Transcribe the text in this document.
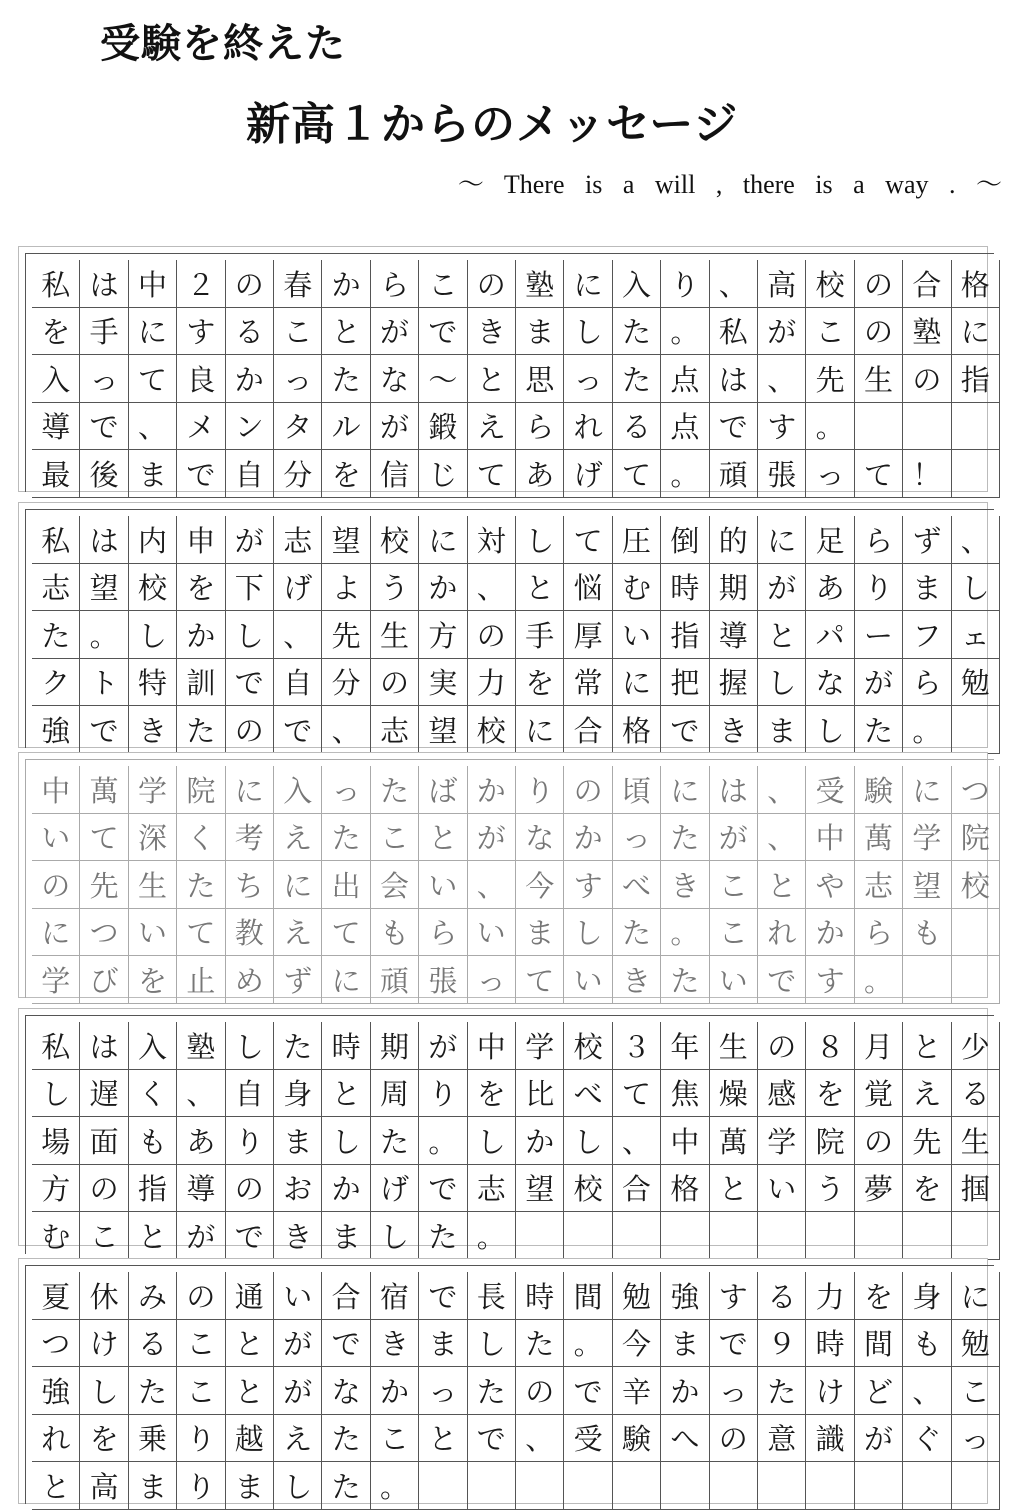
受験を終えた
新高１からのメッセージ
～ There is a will , there is a way . ～
私 は 中 ２ の 春 か ら こ の 塾 に 入 り 、 高 校 の 合 格
を 手 に す る こ と が で き ま し た 。 私 が こ の 塾 に
入 っ て 良 か っ た な ～ と 思 っ た 点 は 、 先 生 の 指
導 で 、 メ ン タ ル が 鍛 え ら れ る 点 で す 。
最 後 ま で 自 分 を 信 じ て あ げ て 。 頑 張 っ て ！
私 は 内 申 が 志 望 校 に 対 し て 圧 倒 的 に 足 ら ず 、
志 望 校 を 下 げ よ う か 、 と 悩 む 時 期 が あ り ま し
た 。 し か し 、 先 生 方 の 手 厚 い 指 導 と パ ー フ ェ
ク ト 特 訓 で 自 分 の 実 力 を 常 に 把 握 し な が ら 勉
強 で き た の で 、 志 望 校 に 合 格 で き ま し た 。
中 萬 学 院 に 入 っ た ば か り の 頃 に は 、 受 験 に つ
い て 深 く 考 え た こ と が な か っ た が 、 中 萬 学 院
の 先 生 た ち に 出 会 い 、 今 す べ き こ と や 志 望 校
に つ い て 教 え て も ら い ま し た 。 こ れ か ら も
学 び を 止 め ず に 頑 張 っ て い き た い で す 。
私 は 入 塾 し た 時 期 が 中 学 校 ３ 年 生 の ８ 月 と 少
し 遅 く 、 自 身 と 周 り を 比 べ て 焦 燥 感 を 覚 え る
場 面 も あ り ま し た 。 し か し 、 中 萬 学 院 の 先 生
方 の 指 導 の お か げ で 志 望 校 合 格 と い う 夢 を 掴
む こ と が で き ま し た 。
夏 休 み の 通 い 合 宿 で 長 時 間 勉 強 す る 力 を 身 に
つ け る こ と が で き ま し た 。 今 ま で ９ 時 間 も 勉
強 し た こ と が な か っ た の で 辛 か っ た け ど 、 こ
れ を 乗 り 越 え た こ と で 、 受 験 へ の 意 識 が ぐ っ
と 高 ま り ま し た 。
